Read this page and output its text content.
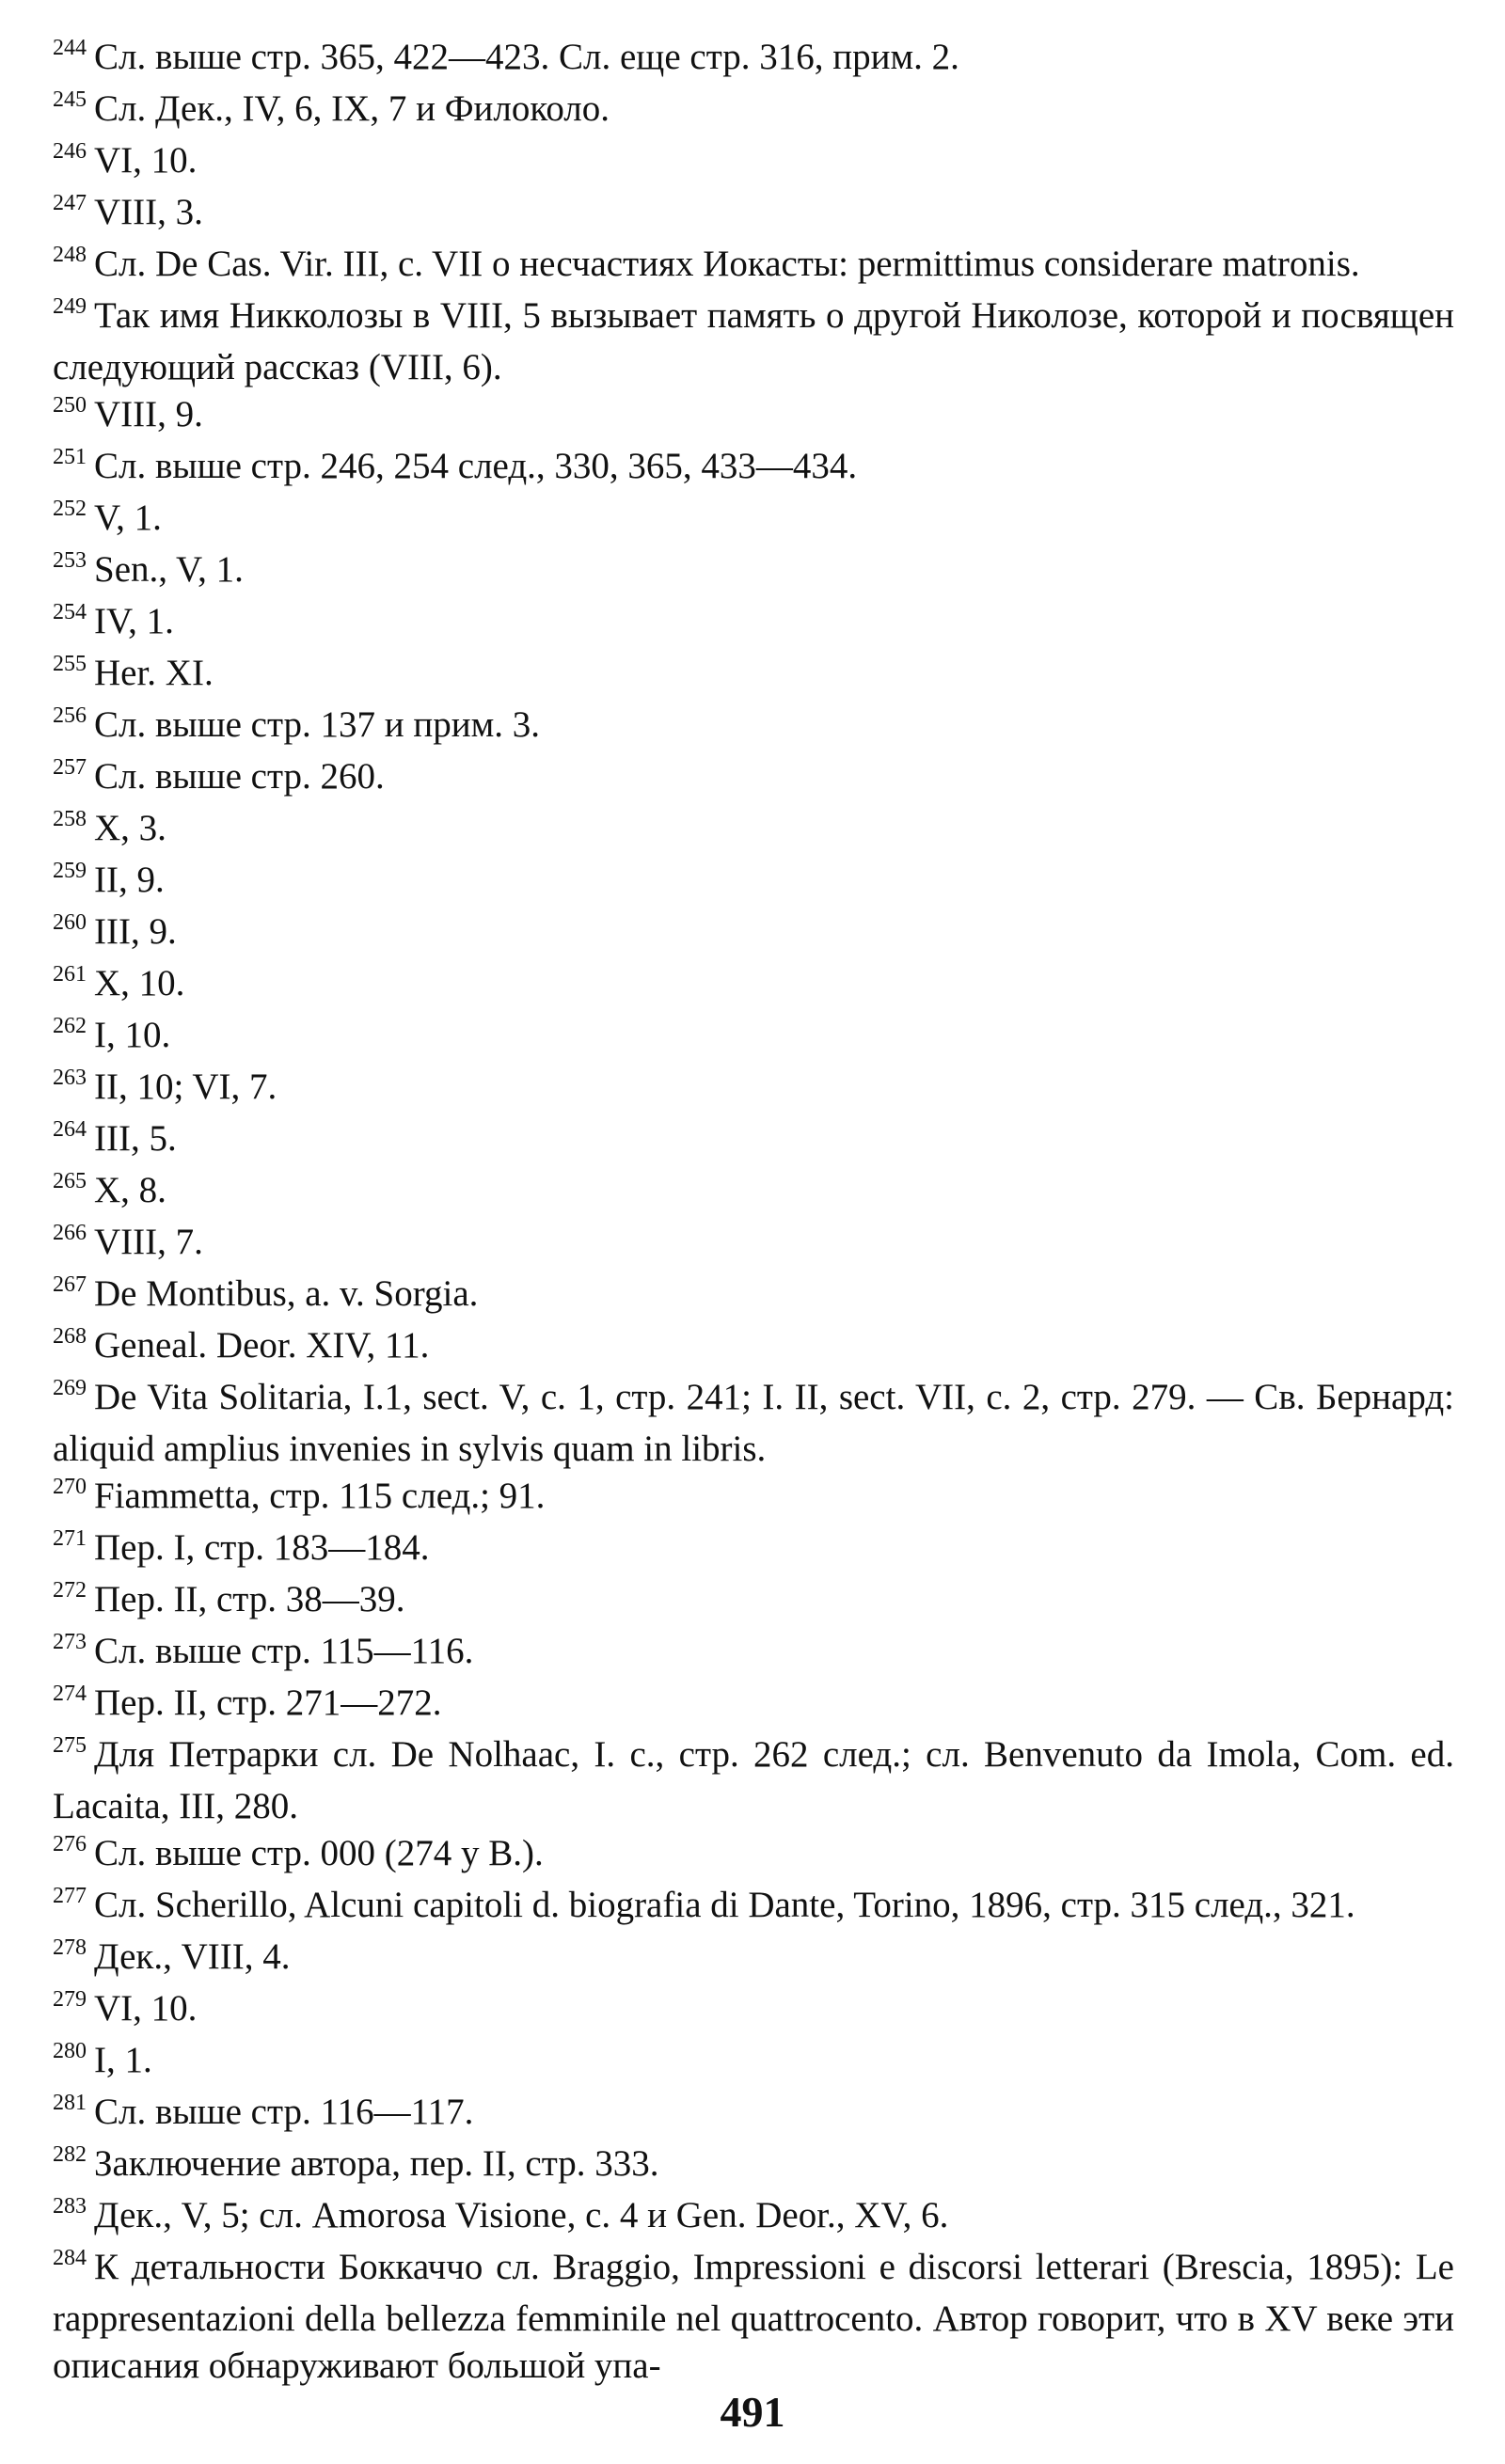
$^{244}$ Сл. выше стр. 365, 422—423. Сл. еще стр. 316, прим. 2.

$^{245}$ Сл. Дек., IV, 6, IX, 7 и Филоколо.

$^{246}$ VI, 10.

$^{247}$ VIII, 3.

$^{248}$ Сл. De Cas. Vir. III, c. VII о несчастиях Иокасты: permittimus considerare matronis.

$^{249}$ Так имя Никколозы в VIII, 5 вызывает память о другой Николозе, которой и посвящен следующий рассказ (VIII, 6).

$^{250}$ VIII, 9.

$^{251}$ Сл. выше стр. 246, 254 след., 330, 365, 433—434.

$^{252}$ V, 1.

$^{253}$ Sen., V, 1.

$^{254}$ IV, 1.

$^{255}$ Her. XI.

$^{256}$ Сл. выше стр. 137 и прим. 3.

$^{257}$ Сл. выше стр. 260.

$^{258}$ X, 3.

$^{259}$ II, 9.

$^{260}$ III, 9.

$^{261}$ X, 10.

$^{262}$ I, 10.

$^{263}$ II, 10; VI, 7.

$^{264}$ III, 5.

$^{265}$ X, 8.

$^{266}$ VIII, 7.

$^{267}$ De Montibus, a. v. Sorgia.

$^{268}$ Geneal. Deor. XIV, 11.

$^{269}$ De Vita Solitaria, I.1, sect. V, c. 1, стр. 241; I. II, sect. VII, c. 2, стр. 279. — Св. Бернард: aliquid amplius invenies in sylvis quam in libris.

$^{270}$ Fiammetta, стр. 115 след.; 91.

$^{271}$ Пер. I, стр. 183—184.

$^{272}$ Пер. II, стр. 38—39.

$^{273}$ Сл. выше стр. 115—116.

$^{274}$ Пер. II, стр. 271—272.

$^{275}$ Для Петрарки сл. De Nolhaac, I. c., стр. 262 след.; сл. Benvenuto da Imola, Com. ed. Lacaita, III, 280.

$^{276}$ Сл. выше стр. 000 (274 у В.).

$^{277}$ Сл. Scherillo, Alcuni capitoli d. biografia di Dante, Torino, 1896, стр. 315 след., 321.

$^{278}$ Дек., VIII, 4.

$^{279}$ VI, 10.

$^{280}$ I, 1.

$^{281}$ Сл. выше стр. 116—117.

$^{282}$ Заключение автора, пер. II, стр. 333.

$^{283}$ Дек., V, 5; сл. Amorosa Visione, c. 4 и Gen. Deor., XV, 6.

$^{284}$ К детальности Боккаччо сл. Braggio, Impressioni e discorsi letterari (Brescia, 1895): Le rappresentazioni della bellezza femminile nel quattrocento. Автор говорит, что в XV веке эти описания обнаруживают большой упа-

491
